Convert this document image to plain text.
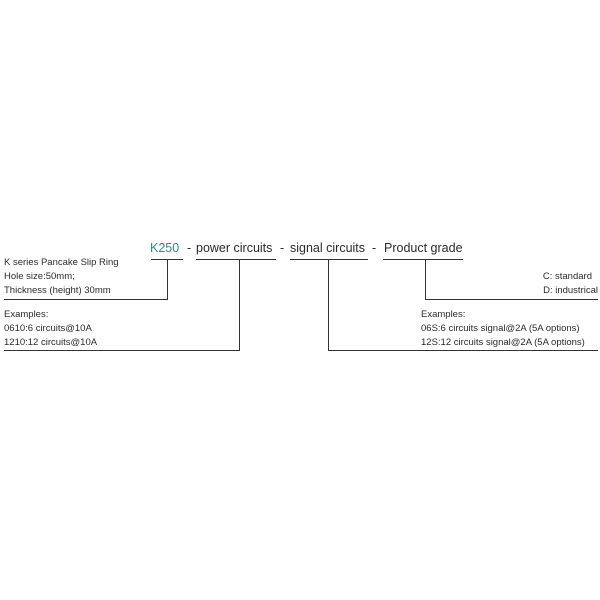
K250 - power circuits - signal circuits - Product grade
K series Pancake Slip Ring
Hole size:50mm;
Thickness (height) 30mm
Examples:
0610:6 circuits@10A
1210:12 circuits@10A
C: standard
D: industrical
Examples:
06S:6 circuits signal@2A (5A options)
12S:12 circuits signal@2A (5A options)
